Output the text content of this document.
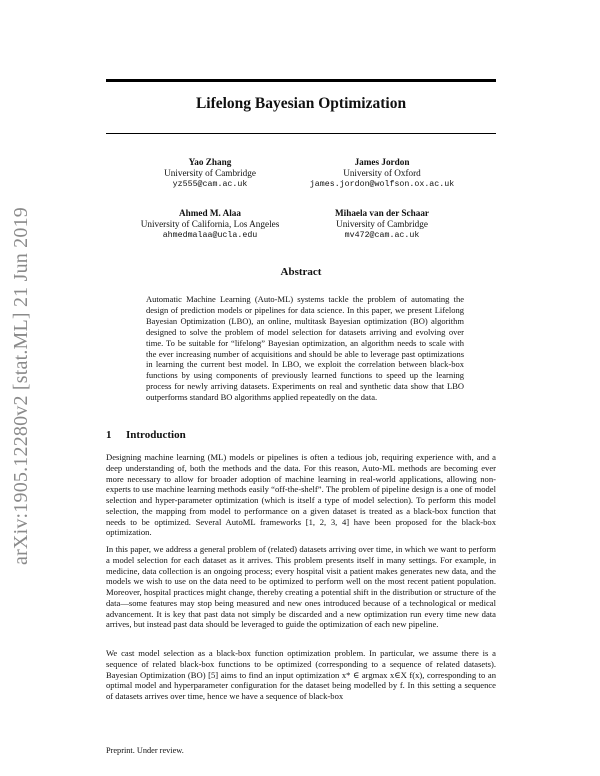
arXiv:1905.12280v2 [stat.ML] 21 Jun 2019
Lifelong Bayesian Optimization
Yao Zhang
University of Cambridge
yz555@cam.ac.uk
James Jordon
University of Oxford
james.jordon@wolfson.ox.ac.uk
Ahmed M. Alaa
University of California, Los Angeles
ahmedmalaa@ucla.edu
Mihaela van der Schaar
University of Cambridge
mv472@cam.ac.uk
Abstract

Automatic Machine Learning (Auto-ML) systems tackle the problem of automating the design of prediction models or pipelines for data science. In this paper, we present Lifelong Bayesian Optimization (LBO), an online, multitask Bayesian optimization (BO) algorithm designed to solve the problem of model selection for datasets arriving and evolving over time. To be suitable for “lifelong” Bayesian optimization, an algorithm needs to scale with the ever increasing number of acquisitions and should be able to leverage past optimizations in learning the current best model. In LBO, we exploit the correlation between black-box functions by using components of previously learned functions to speed up the learning process for newly arriving datasets. Experiments on real and synthetic data show that LBO outperforms standard BO algorithms applied repeatedly on the data.

1 Introduction

Designing machine learning (ML) models or pipelines is often a tedious job, requiring experience with, and a deep understanding of, both the methods and the data. For this reason, Auto-ML methods are becoming ever more necessary to allow for broader adoption of machine learning in real-world applications, allowing non-experts to use machine learning methods easily “off-the-shelf”. The problem of pipeline design is a one of model selection and hyper-parameter optimization (which is itself a type of model selection). To perform this model selection, the mapping from model to performance on a given dataset is treated as a black-box function that needs to be optimized. Several AutoML frameworks [1, 2, 3, 4] have been proposed for the black-box optimization.

In this paper, we address a general problem of (related) datasets arriving over time, in which we want to perform a model selection for each dataset as it arrives. This problem presents itself in many settings. For example, in medicine, data collection is an ongoing process; every hospital visit a patient makes generates new data, and the models we wish to use on the data need to be optimized to perform well on the most recent patient population. Moreover, hospital practices might change, thereby creating a potential shift in the distribution or structure of the data—some features may stop being measured and new ones introduced because of a technological or medical advancement. It is key that past data not simply be discarded and a new optimization run every time new data arrives, but instead past data should be leveraged to guide the optimization of each new pipeline.

We cast model selection as a black-box function optimization problem. In particular, we assume there is a sequence of related black-box functions to be optimized (corresponding to a sequence of related datasets). Bayesian Optimization (BO) [5] aims to find an input optimization x* ∈ argmax x∈X f(x), corresponding to an optimal model and hyperparameter configuration for the dataset being modelled by f. In this setting a sequence of datasets arrives over time, hence we have a sequence of black-box

Preprint. Under review.
